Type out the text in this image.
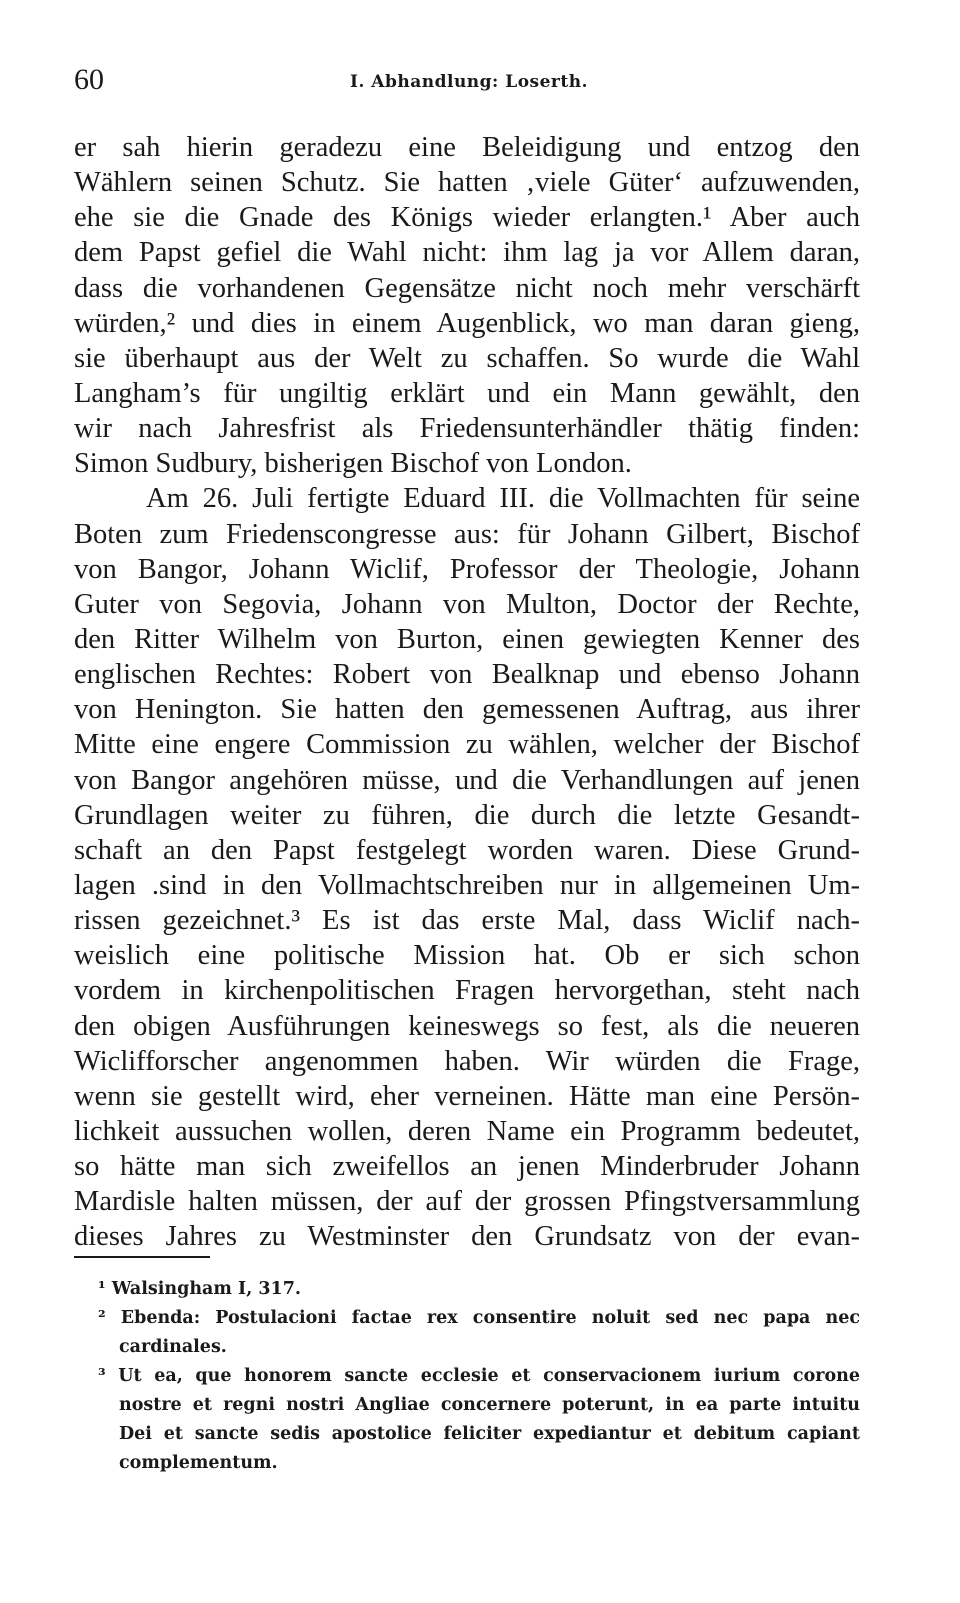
60	I. Abhandlung: Loserth.
er sah hierin geradezu eine Beleidigung und entzog den
Wählern seinen Schutz. Sie hatten ‚viele Güter‘ aufzuwenden,
ehe sie die Gnade des Königs wieder erlangten.¹ Aber auch
dem Papst gefiel die Wahl nicht: ihm lag ja vor Allem daran,
dass die vorhandenen Gegensätze nicht noch mehr verschärft
würden,² und dies in einem Augenblick, wo man daran gieng,
sie überhaupt aus der Welt zu schaffen. So wurde die Wahl
Langham’s für ungiltig erklärt und ein Mann gewählt, den
wir nach Jahresfrist als Friedensunterhändler thätig finden:
Simon Sudbury, bisherigen Bischof von London.
Am 26. Juli fertigte Eduard III. die Vollmachten für seine
Boten zum Friedenscongresse aus: für Johann Gilbert, Bischof
von Bangor, Johann Wiclif, Professor der Theologie, Johann
Guter von Segovia, Johann von Multon, Doctor der Rechte,
den Ritter Wilhelm von Burton, einen gewiegten Kenner des
englischen Rechtes: Robert von Bealknap und ebenso Johann
von Henington. Sie hatten den gemessenen Auftrag, aus ihrer
Mitte eine engere Commission zu wählen, welcher der Bischof
von Bangor angehören müsse, und die Verhandlungen auf jenen
Grundlagen weiter zu führen, die durch die letzte Gesandt-
schaft an den Papst festgelegt worden waren. Diese Grund-
lagen .sind in den Vollmachtschreiben nur in allgemeinen Um-
rissen gezeichnet.³ Es ist das erste Mal, dass Wiclif nach-
weislich eine politische Mission hat. Ob er sich schon
vordem in kirchenpolitischen Fragen hervorgethan, steht nach
den obigen Ausführungen keineswegs so fest, als die neueren
Wiclifforscher angenommen haben. Wir würden die Frage,
wenn sie gestellt wird, eher verneinen. Hätte man eine Persön-
lichkeit aussuchen wollen, deren Name ein Programm bedeutet,
so hätte man sich zweifellos an jenen Minderbruder Johann
Mardisle halten müssen, der auf der grossen Pfingstversammlung
dieses Jahres zu Westminster den Grundsatz von der evan-
¹ Walsingham I, 317.
² Ebenda: Postulacioni factae rex consentire noluit sed nec papa nec
cardinales.
³ Ut ea, que honorem sancte ecclesie et conservacionem iurium corone
nostre et regni nostri Angliae concernere poterunt, in ea parte intuitu
Dei et sancte sedis apostolice feliciter expediantur et debitum capiant
complementum.
